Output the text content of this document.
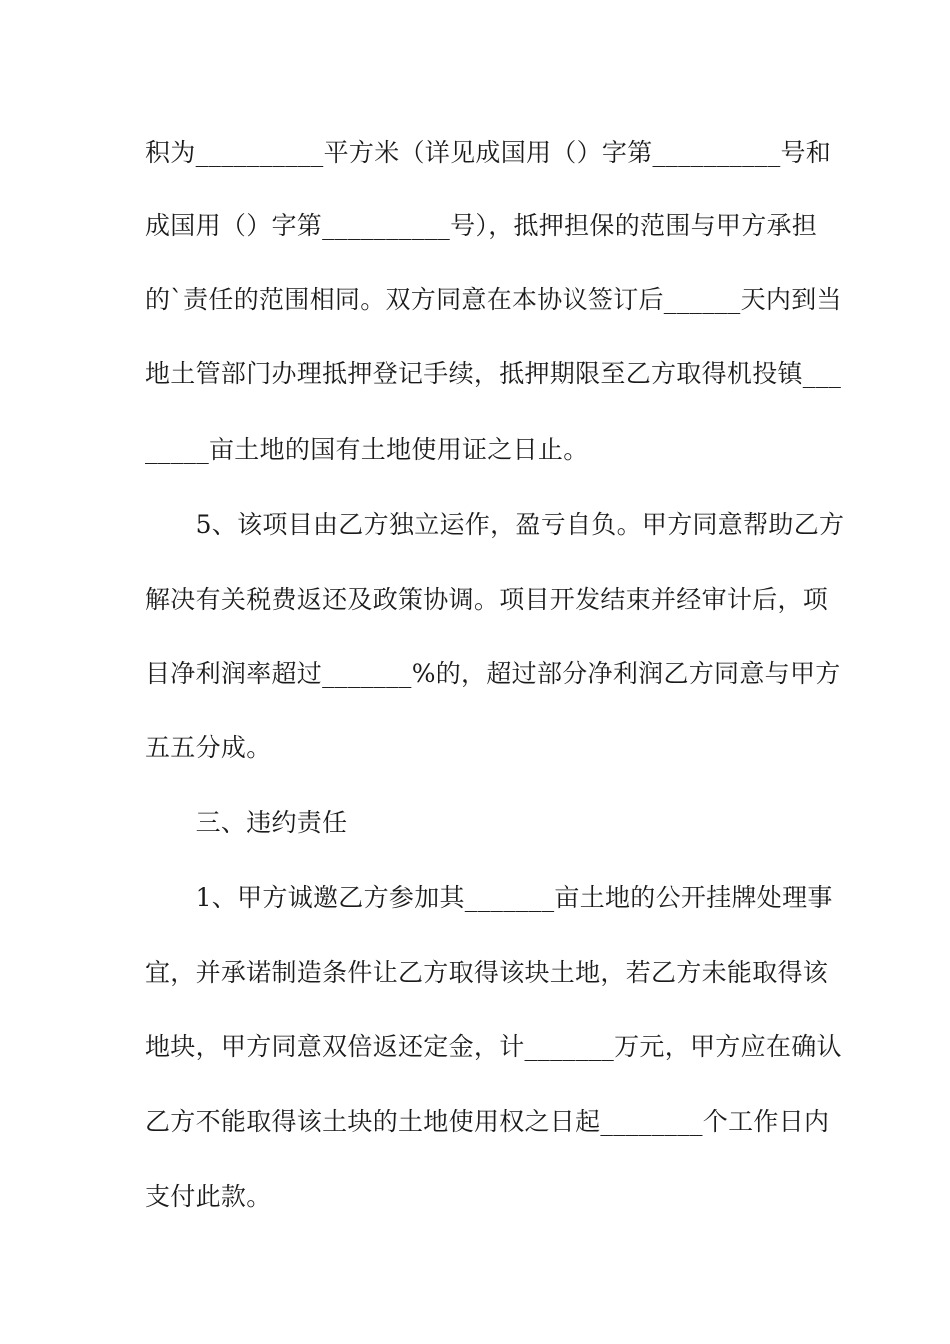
积为__________平方米（详见成国用（）字第__________号和
成国用（）字第__________号），抵押担保的范围与甲方承担
的`责任的范围相同。双方同意在本协议签订后______天内到当
地土管部门办理抵押登记手续，抵押期限至乙方取得机投镇___
_____亩土地的国有土地使用证之日止。
　　5、该项目由乙方独立运作，盈亏自负。甲方同意帮助乙方
解决有关税费返还及政策协调。项目开发结束并经审计后，项
目净利润率超过_______%的，超过部分净利润乙方同意与甲方
五五分成。
　　三、违约责任
　　1、甲方诚邀乙方参加其_______亩土地的公开挂牌处理事
宜，并承诺制造条件让乙方取得该块土地，若乙方未能取得该
地块，甲方同意双倍返还定金，计_______万元，甲方应在确认
乙方不能取得该土块的土地使用权之日起________个工作日内
支付此款。
